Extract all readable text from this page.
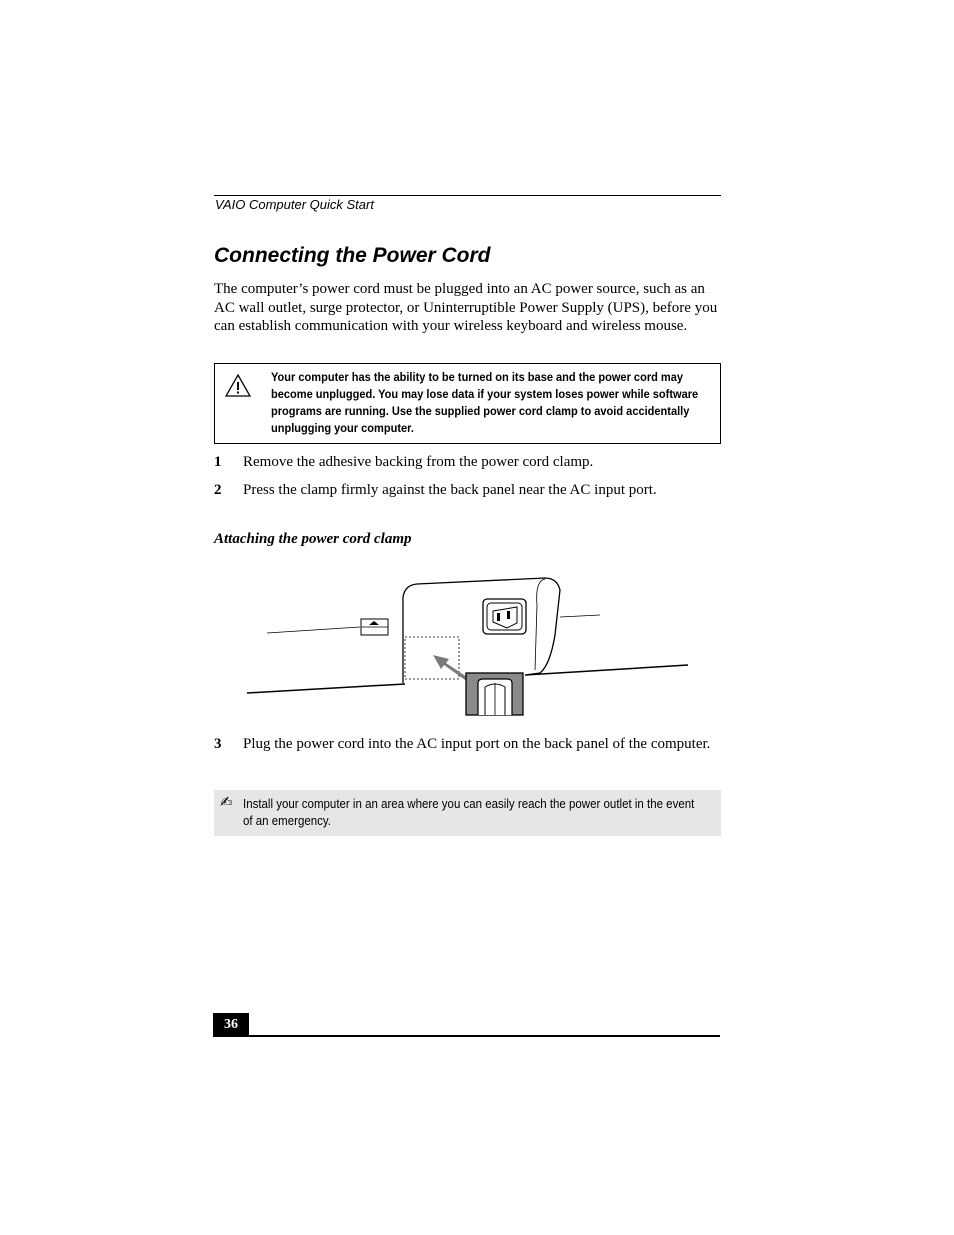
VAIO Computer Quick Start
Connecting the Power Cord

The computer’s power cord must be plugged into an AC power source, such as an AC wall outlet, surge protector, or Uninterruptible Power Supply (UPS), before you can establish communication with your wireless keyboard and wireless mouse.

Your computer has the ability to be turned on its base and the power cord may become unplugged. You may lose data if your system loses power while software programs are running. Use the supplied power cord clamp to avoid accidentally unplugging your computer.

1 Remove the adhesive backing from the power cord clamp.
2 Press the clamp firmly against the back panel near the AC input port.
Attaching the power cord clamp
3 Plug the power cord into the AC input port on the back panel of the computer.
✍ Install your computer in an area where you can easily reach the power outlet in the event of an emergency.

36
